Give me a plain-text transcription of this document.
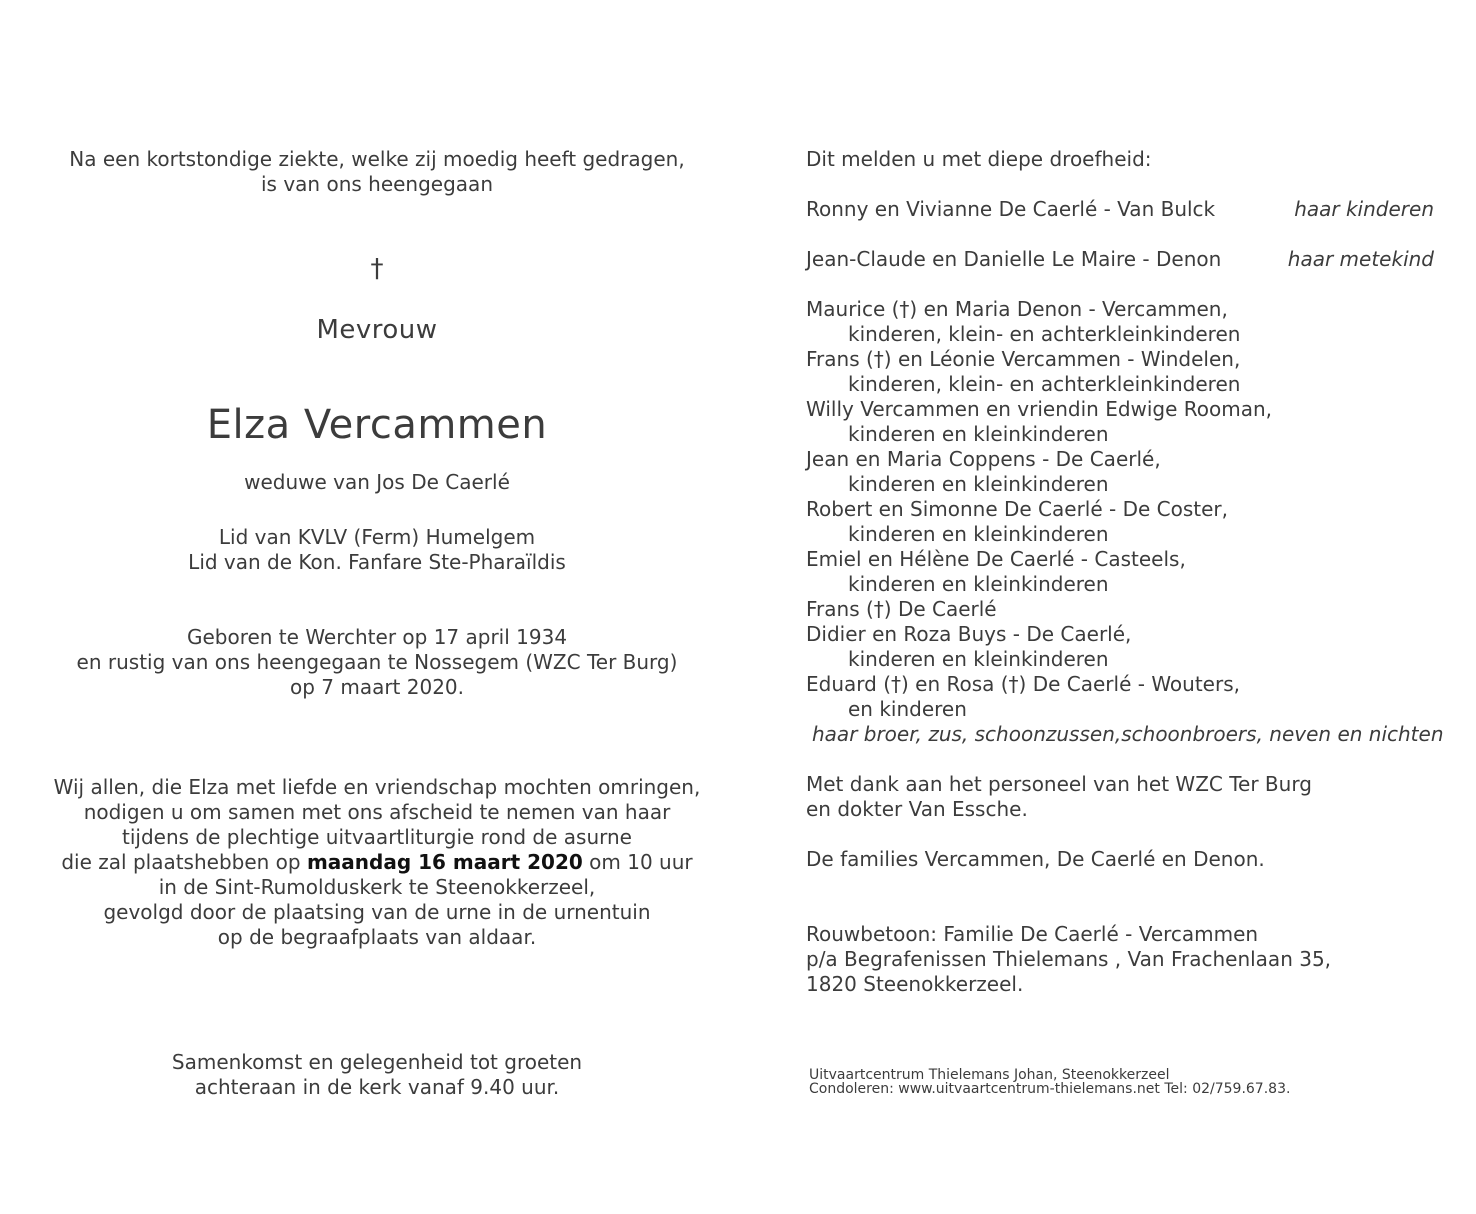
Na een kortstondige ziekte, welke zij moedig heeft gedragen,
is van ons heengegaan
†
Mevrouw
Elza Vercammen
weduwe van Jos De Caerlé
Lid van KVLV (Ferm) Humelgem
Lid van de Kon. Fanfare Ste-Pharaïldis
Geboren te Werchter op 17 april 1934
en rustig van ons heengegaan te Nossegem (WZC Ter Burg)
op 7 maart 2020.
Wij allen, die Elza met liefde en vriendschap mochten omringen,
nodigen u om samen met ons afscheid te nemen van haar
tijdens de plechtige uitvaartliturgie rond de asurne
die zal plaatshebben op maandag 16 maart 2020 om 10 uur
in de Sint-Rumolduskerk te Steenokkerzeel,
gevolgd door de plaatsing van de urne in de urnentuin
op de begraafplaats van aldaar.
Samenkomst en gelegenheid tot groeten
achteraan in de kerk vanaf 9.40 uur.
Dit melden u met diepe droefheid:
Ronny en Vivianne De Caerlé - Van Bulck	haar kinderen
Jean-Claude en Danielle Le Maire - Denon	haar metekind
Maurice (†) en Maria Denon - Vercammen,
kinderen, klein- en achterkleinkinderen
Frans (†) en Léonie Vercammen - Windelen,
kinderen, klein- en achterkleinkinderen
Willy Vercammen en vriendin Edwige Rooman,
kinderen en kleinkinderen
Jean en Maria Coppens - De Caerlé,
kinderen en kleinkinderen
Robert en Simonne De Caerlé - De Coster,
kinderen en kleinkinderen
Emiel en Hélène De Caerlé - Casteels,
kinderen en kleinkinderen
Frans (†) De Caerlé
Didier en Roza Buys - De Caerlé,
kinderen en kleinkinderen
Eduard (†) en Rosa (†) De Caerlé - Wouters,
en kinderen
haar broer, zus, schoonzussen,schoonbroers, neven en nichten
Met dank aan het personeel van het WZC Ter Burg
en dokter Van Essche.
De families Vercammen, De Caerlé en Denon.
Rouwbetoon: Familie De Caerlé - Vercammen
p/a Begrafenissen Thielemans , Van Frachenlaan 35,
1820 Steenokkerzeel.
Uitvaartcentrum Thielemans Johan, Steenokkerzeel
Condoleren: www.uitvaartcentrum-thielemans.net Tel: 02/759.67.83.
